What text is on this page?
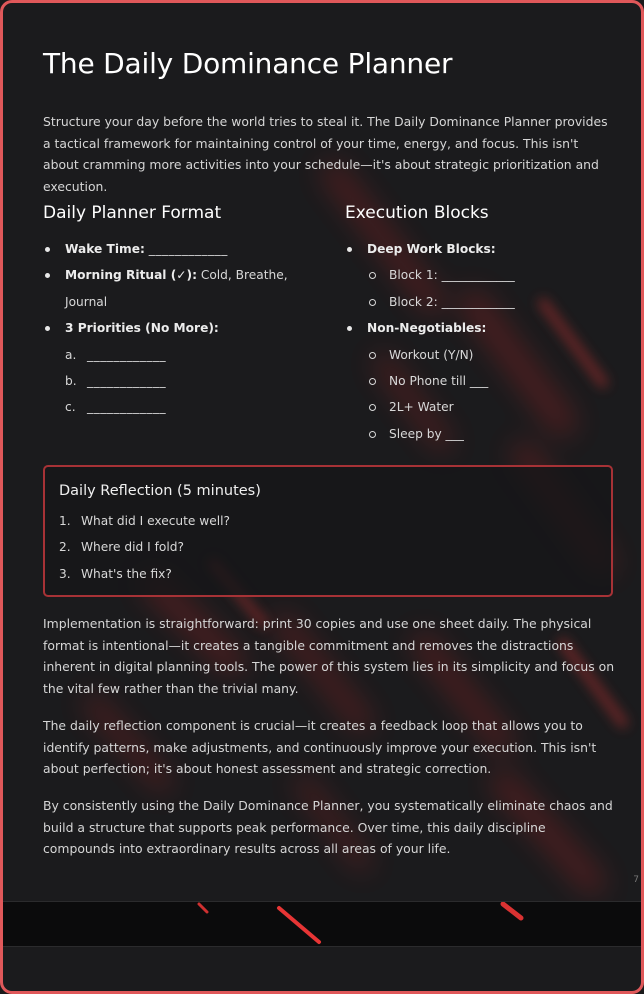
The Daily Dominance Planner

Structure your day before the world tries to steal it. The Daily Dominance Planner provides a tactical framework for maintaining control of your time, energy, and focus. This isn't about cramming more activities into your schedule—it's about strategic prioritization and execution.

Daily Planner Format
Wake Time: ____________
Morning Ritual (✓): Cold, Breathe, Journal
3 Priorities (No More):
a. ____________
b. ____________
c. ____________
Execution Blocks
Deep Work Blocks:
Block 1: ____________
Block 2: ____________
Non-Negotiables:
Workout (Y/N)
No Phone till ___
2L+ Water
Sleep by ___
Daily Reflection (5 minutes)
1. What did I execute well?
2. Where did I fold?
3. What's the fix?

Implementation is straightforward: print 30 copies and use one sheet daily. The physical format is intentional—it creates a tangible commitment and removes the distractions inherent in digital planning tools. The power of this system lies in its simplicity and focus on the vital few rather than the trivial many.

The daily reflection component is crucial—it creates a feedback loop that allows you to identify patterns, make adjustments, and continuously improve your execution. This isn't about perfection; it's about honest assessment and strategic correction.

By consistently using the Daily Dominance Planner, you systematically eliminate chaos and build a structure that supports peak performance. Over time, this daily discipline compounds into extraordinary results across all areas of your life.

7
